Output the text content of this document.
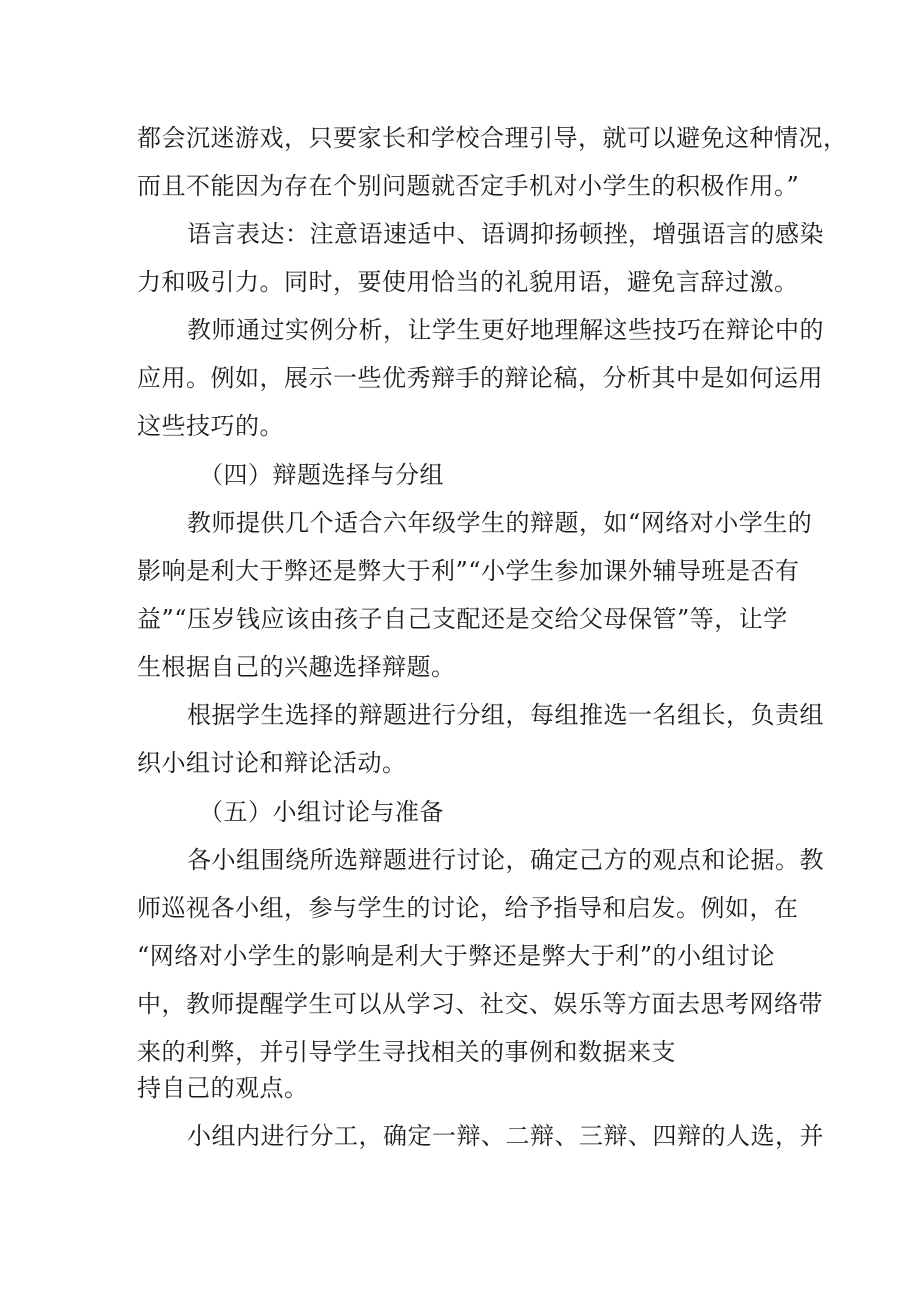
都会沉迷游戏，只要家长和学校合理引导，就可以避免这种情况，
而且不能因为存在个别问题就否定手机对小学生的积极作用。”
语言表达：注意语速适中、语调抑扬顿挫，增强语言的感染
力和吸引力。同时，要使用恰当的礼貌用语，避免言辞过激。
教师通过实例分析，让学生更好地理解这些技巧在辩论中的
应用。例如，展示一些优秀辩手的辩论稿，分析其中是如何运用
这些技巧的。
（四）辩题选择与分组
教师提供几个适合六年级学生的辩题，如“网络对小学生的
影响是利大于弊还是弊大于利”“小学生参加课外辅导班是否有
益”“压岁钱应该由孩子自己支配还是交给父母保管”等，让学
生根据自己的兴趣选择辩题。
根据学生选择的辩题进行分组，每组推选一名组长，负责组
织小组讨论和辩论活动。
（五）小组讨论与准备
各小组围绕所选辩题进行讨论，确定己方的观点和论据。教
师巡视各小组，参与学生的讨论，给予指导和启发。例如，在
“网络对小学生的影响是利大于弊还是弊大于利”的小组讨论
中，教师提醒学生可以从学习、社交、娱乐等方面去思考网络带
来的利弊，并引导学生寻找相关的事例和数据来支
持自己的观点。
小组内进行分工，确定一辩、二辩、三辩、四辩的人选，并
